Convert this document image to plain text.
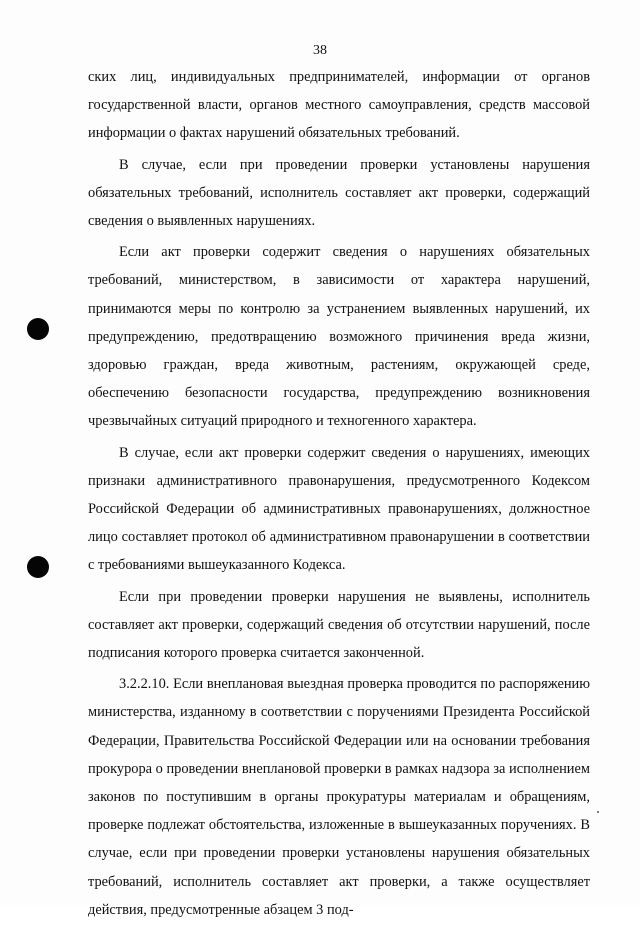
38

ских лиц, индивидуальных предпринимателей, информации от органов государственной власти, органов местного самоуправления, средств массовой информации о фактах нарушений обязательных требований.

В случае, если при проведении проверки установлены нарушения обязательных требований, исполнитель составляет акт проверки, содержащий сведения о выявленных нарушениях.

Если акт проверки содержит сведения о нарушениях обязательных требований, министерством, в зависимости от характера нарушений, принимаются меры по контролю за устранением выявленных нарушений, их предупреждению, предотвращению возможного причинения вреда жизни, здоровью граждан, вреда животным, растениям, окружающей среде, обеспечению безопасности государства, предупреждению возникновения чрезвычайных ситуаций природного и техногенного характера.

В случае, если акт проверки содержит сведения о нарушениях, имеющих признаки административного правонарушения, предусмотренного Кодексом Российской Федерации об административных правонарушениях, должностное лицо составляет протокол об административном правонарушении в соответствии с требованиями вышеуказанного Кодекса.

Если при проведении проверки нарушения не выявлены, исполнитель составляет акт проверки, содержащий сведения об отсутствии нарушений, после подписания которого проверка считается законченной.

3.2.2.10. Если внеплановая выездная проверка проводится по распоряжению министерства, изданному в соответствии с поручениями Президента Российской Федерации, Правительства Российской Федерации или на основании требования прокурора о проведении внеплановой проверки в рамках надзора за исполнением законов по поступившим в органы прокуратуры материалам и обращениям, проверке подлежат обстоятельства, изложенные в вышеуказанных поручениях. В случае, если при проведении проверки установлены нарушения обязательных требований, исполнитель составляет акт проверки, а также осуществляет действия, предусмотренные абзацем 3 под-
